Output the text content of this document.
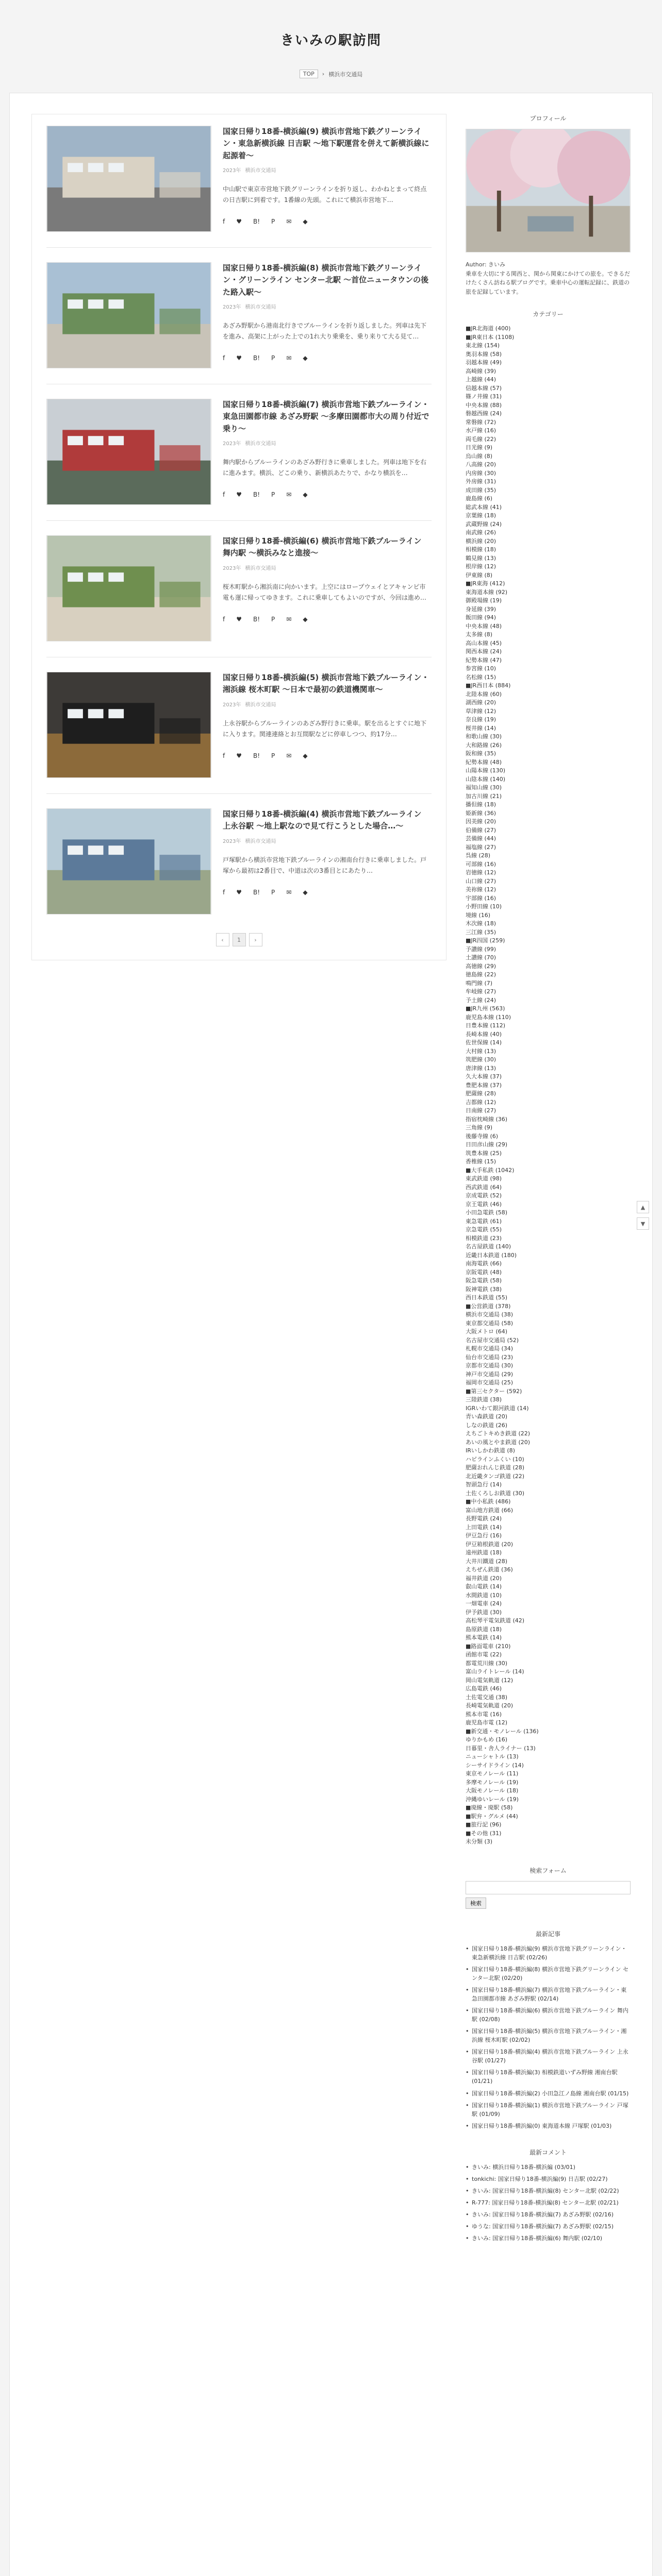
きいみの駅訪問
TOP	› 横浜市交通局
国家日帰り18番-横浜編(9) 横浜市営地下鉄グリーンライン・東急新横浜線 日吉駅 〜地下駅運営を併えて新横浜線に起源着〜
2023年 横浜市交通局

中山駅で東京市営地下鉄グリーンラインを折り返し、わかねとまって終点の日吉駅に到着です。1番線の先頭。これにて横浜市営地下…

f ♥ B! P ✉ ◆
国家日帰り18番-横浜編(8) 横浜市営地下鉄グリーンライン・グリーンライン センター北駅 〜首位ニュータウンの後た路入駅〜
2023年 横浜市交通局

あざみ野駅から港南北行きでブルーラインを折り返しました。列車は先下を進み、高架に上がった上での1れ大り乗乗を、乗り来りて大る見て…

f ♥ B! P ✉ ◆
国家日帰り18番-横浜編(7) 横浜市営地下鉄ブルーライン・東急田園都市線 あざみ野駅 〜多摩田園都市大の周り付近で乗り〜
2023年 横浜市交通局

舞内駅からブルーラインのあざみ野行きに乗車しました。列車は地下を右に進みます。横浜、どこの乗り、新横浜あたりで、かなり横浜を…

f ♥ B! P ✉ ◆
国家日帰り18番-横浜編(6) 横浜市営地下鉄ブルーライン 舞内駅 〜横浜みなと進接〜
2023年 横浜市交通局

桜木町駅から湘浜南に向かいます。上空にはロープウェイとアキャンピ市電も運に帰ってゆきます。これに乗車してもよいのですが、今回は進め…

f ♥ B! P ✉ ◆
国家日帰り18番-横浜編(5) 横浜市営地下鉄ブルーライン・湘浜線 桜木町駅 〜日本で最初の鉄道機関車〜
2023年 横浜市交通局

上永谷駅からブルーラインのあざみ野行きに乗車。駅を出るとすぐに地下に入ります。関連連絡とお互間駅などに停車しつつ、約17分…

f ♥ B! P ✉ ◆
国家日帰り18番-横浜編(4) 横浜市営地下鉄ブルーライン 上永谷駅 〜地上駅なので見て行こうとした場合…〜
2023年 横浜市交通局

戸塚駅から横浜市営地下鉄ブルーラインの湘南台行きに乗車しました。戸塚から最初は2番目で、中道は次の3番目とにあたり…

f ♥ B! P ✉ ◆
‹	1	›
プロフィール

Author: きいみ
乗車を大切にする関西と、関から関東にかけての旅を。できるだけたくさん訪ねる駅ブログです。乗車中心の運転記録に、鉄道の旅を記録しています。

カテゴリー
■JR北海道 (400)
■JR東日本 (1108)
東北線 (154)
奥羽本線 (58)
羽越本線 (49)
高崎線 (39)
上越線 (44)
信越本線 (57)
篠ノ井線 (31)
中央本線 (88)
磐越西線 (24)
常磐線 (72)
水戸線 (16)
両毛線 (22)
日光線 (9)
烏山線 (8)
八高線 (20)
内房線 (30)
外房線 (31)
成田線 (35)
鹿島線 (6)
総武本線 (41)
京葉線 (18)
武蔵野線 (24)
南武線 (26)
横浜線 (20)
相模線 (18)
鶴見線 (13)
根岸線 (12)
伊東線 (8)
■JR東海 (412)
東海道本線 (92)
御殿場線 (19)
身延線 (39)
飯田線 (94)
中央本線 (48)
太多線 (8)
高山本線 (45)
関西本線 (24)
紀勢本線 (47)
参宮線 (10)
名松線 (15)
■JR西日本 (884)
北陸本線 (60)
湖西線 (20)
草津線 (12)
奈良線 (19)
桜井線 (14)
和歌山線 (30)
大和路線 (26)
阪和線 (35)
紀勢本線 (48)
山陽本線 (130)
山陰本線 (140)
福知山線 (30)
加古川線 (21)
播但線 (18)
姫新線 (36)
因美線 (20)
伯備線 (27)
芸備線 (44)
福塩線 (27)
呉線 (28)
可部線 (16)
岩徳線 (12)
山口線 (27)
美祢線 (12)
宇部線 (16)
小野田線 (10)
境線 (16)
木次線 (18)
三江線 (35)
■JR四国 (259)
予讃線 (99)
土讃線 (70)
高徳線 (29)
徳島線 (22)
鳴門線 (7)
牟岐線 (27)
予土線 (24)
■JR九州 (563)
鹿児島本線 (110)
日豊本線 (112)
長崎本線 (40)
佐世保線 (14)
大村線 (13)
筑肥線 (30)
唐津線 (13)
久大本線 (37)
豊肥本線 (37)
肥薩線 (28)
吉都線 (12)
日南線 (27)
指宿枕崎線 (36)
三角線 (9)
後藤寺線 (6)
日田彦山線 (29)
筑豊本線 (25)
香椎線 (15)
■大手私鉄 (1042)
東武鉄道 (98)
西武鉄道 (64)
京成電鉄 (52)
京王電鉄 (46)
小田急電鉄 (58)
東急電鉄 (61)
京急電鉄 (55)
相模鉄道 (23)
名古屋鉄道 (140)
近畿日本鉄道 (180)
南海電鉄 (66)
京阪電鉄 (48)
阪急電鉄 (58)
阪神電鉄 (38)
西日本鉄道 (55)
■公営鉄道 (378)
横浜市交通局 (38)
東京都交通局 (58)
大阪メトロ (64)
名古屋市交通局 (52)
札幌市交通局 (34)
仙台市交通局 (23)
京都市交通局 (30)
神戸市交通局 (29)
福岡市交通局 (25)
■第三セクター (592)
三陸鉄道 (38)
IGRいわて銀河鉄道 (14)
青い森鉄道 (20)
しなの鉄道 (26)
えちごトキめき鉄道 (22)
あいの風とやま鉄道 (20)
IRいしかわ鉄道 (8)
ハピラインふくい (10)
肥薩おれんじ鉄道 (28)
北近畿タンゴ鉄道 (22)
智頭急行 (14)
土佐くろしお鉄道 (30)
■中小私鉄 (486)
富山地方鉄道 (66)
長野電鉄 (24)
上田電鉄 (14)
伊豆急行 (16)
伊豆箱根鉄道 (20)
遠州鉄道 (18)
大井川鐵道 (28)
えちぜん鉄道 (36)
福井鉄道 (20)
叡山電鉄 (14)
水間鉄道 (10)
一畑電車 (24)
伊予鉄道 (30)
高松琴平電気鉄道 (42)
島原鉄道 (18)
熊本電鉄 (14)
■路面電車 (210)
函館市電 (22)
都電荒川線 (30)
富山ライトレール (14)
岡山電気軌道 (12)
広島電鉄 (46)
土佐電交通 (38)
長崎電気軌道 (20)
熊本市電 (16)
鹿児島市電 (12)
■新交通・モノレール (136)
ゆりかもめ (16)
日暮里・舎人ライナー (13)
ニューシャトル (13)
シーサイドライン (14)
東京モノレール (11)
多摩モノレール (19)
大阪モノレール (18)
沖縄ゆいレール (19)
■廃線・廃駅 (58)
■駅弁・グルメ (44)
■旅行記 (96)
■その他 (31)
未分類 (3)
検索フォーム
検索
最新記事
• 国家日帰り18番-横浜編(9) 横浜市営地下鉄グリーンライン・東急新横浜線 日吉駅 (02/26)
• 国家日帰り18番-横浜編(8) 横浜市営地下鉄グリーンライン センター北駅 (02/20)
• 国家日帰り18番-横浜編(7) 横浜市営地下鉄ブルーライン・東急田園都市線 あざみ野駅 (02/14)
• 国家日帰り18番-横浜編(6) 横浜市営地下鉄ブルーライン 舞内駅 (02/08)
• 国家日帰り18番-横浜編(5) 横浜市営地下鉄ブルーライン・湘浜線 桜木町駅 (02/02)
• 国家日帰り18番-横浜編(4) 横浜市営地下鉄ブルーライン 上永谷駅 (01/27)
• 国家日帰り18番-横浜編(3) 相模鉄道いずみ野線 湘南台駅 (01/21)
• 国家日帰り18番-横浜編(2) 小田急江ノ島線 湘南台駅 (01/15)
• 国家日帰り18番-横浜編(1) 横浜市営地下鉄ブルーライン 戸塚駅 (01/09)
• 国家日帰り18番-横浜編(0) 東海道本線 戸塚駅 (01/03)
最新コメント
• きいみ: 横浜日帰り18番-横浜編 (03/01)
• tonkichi: 国家日帰り18番-横浜編(9) 日吉駅 (02/27)
• きいみ: 国家日帰り18番-横浜編(8) センター北駅 (02/22)
• R-777: 国家日帰り18番-横浜編(8) センター北駅 (02/21)
• きいみ: 国家日帰り18番-横浜編(7) あざみ野駅 (02/16)
• ゆうな: 国家日帰り18番-横浜編(7) あざみ野駅 (02/15)
• きいみ: 国家日帰り18番-横浜編(6) 舞内駅 (02/10)
▲
▼
